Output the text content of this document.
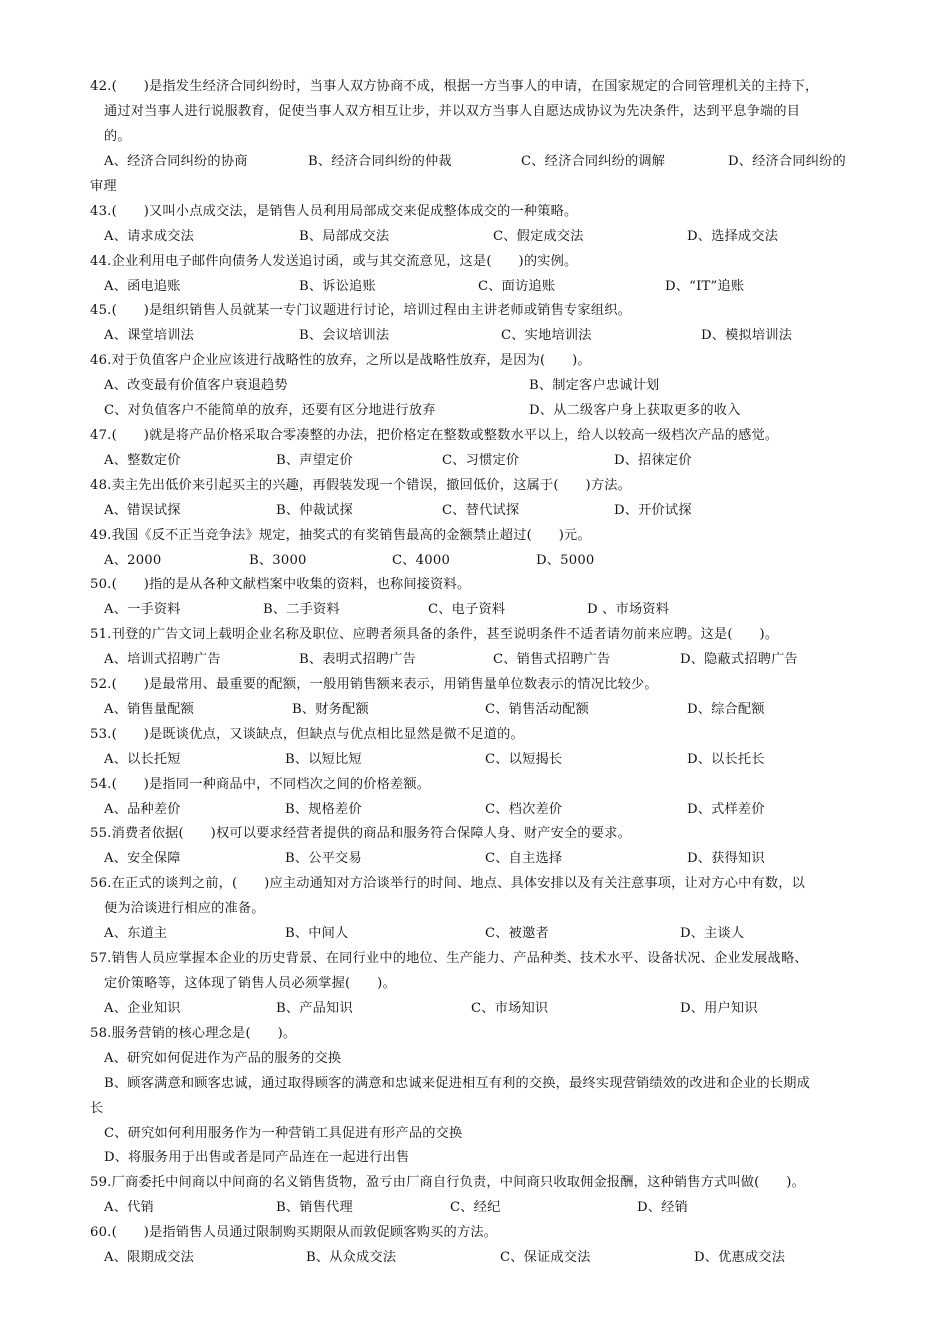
42.(　　)是指发生经济合同纠纷时，当事人双方协商不成，根据一方当事人的申请，在国家规定的合同管理机关的主持下，
通过对当事人进行说服教育，促使当事人双方相互让步，并以双方当事人自愿达成协议为先决条件，达到平息争端的目
的。
A、经济合同纠纷的协商	B、经济合同纠纷的仲裁	C、经济合同纠纷的调解	D、经济合同纠纷的
审理
43.(　　)又叫小点成交法，是销售人员利用局部成交来促成整体成交的一种策略。
A、请求成交法	B、局部成交法	C、假定成交法	D、选择成交法
44.企业利用电子邮件向债务人发送追讨函，或与其交流意见，这是(　　)的实例。
A、函电追账	B、诉讼追账	C、面访追账	D、“IT”追账
45.(　　)是组织销售人员就某一专门议题进行讨论，培训过程由主讲老师或销售专家组织。
A、课堂培训法	B、会议培训法	C、实地培训法	D、模拟培训法
46.对于负值客户企业应该进行战略性的放弃，之所以是战略性放弃，是因为(　　)。
A、改变最有价值客户衰退趋势	B、制定客户忠诚计划
C、对负值客户不能简单的放弃，还要有区分地进行放弃	D、从二级客户身上获取更多的收入
47.(　　)就是将产品价格采取合零凑整的办法，把价格定在整数或整数水平以上，给人以较高一级档次产品的感觉。
A、整数定价	B、声望定价	C、习惯定价	D、招徕定价
48.卖主先出低价来引起买主的兴趣，再假装发现一个错误，撤回低价，这属于(　　)方法。
A、错误试探	B、仲裁试探	C、替代试探	D、开价试探
49.我国《反不正当竞争法》规定，抽奖式的有奖销售最高的金额禁止超过(　　)元。
A、2000	B、3000	C、4000	D、5000
50.(　　)指的是从各种文献档案中收集的资料，也称间接资料。
A、一手资料	B、二手资料	C、电子资料	D 、市场资料
51.刊登的广告文词上载明企业名称及职位、应聘者须具备的条件，甚至说明条件不适者请勿前来应聘。这是(　　)。
A、培训式招聘广告	B、表明式招聘广告	C、销售式招聘广告	D、隐蔽式招聘广告
52.(　　)是最常用、最重要的配额，一般用销售额来表示，用销售量单位数表示的情况比较少。
A、销售量配额	B、财务配额	C、销售活动配额	D、综合配额
53.(　　)是既谈优点，又谈缺点，但缺点与优点相比显然是微不足道的。
A、以长托短	B、以短比短	C、以短揭长	D、以长托长
54.(　　)是指同一种商品中，不同档次之间的价格差额。
A、品种差价	B、规格差价	C、档次差价	D、式样差价
55.消费者依据(　　)权可以要求经营者提供的商品和服务符合保障人身、财产安全的要求。
A、安全保障	B、公平交易	C、自主选择	D、获得知识
56.在正式的谈判之前，(　　)应主动通知对方洽谈举行的时间、地点、具体安排以及有关注意事项，让对方心中有数，以
便为洽谈进行相应的准备。
A、东道主	B、中间人	C、被邀者	D、主谈人
57.销售人员应掌握本企业的历史背景、在同行业中的地位、生产能力、产品种类、技术水平、设备状况、企业发展战略、
定价策略等，这体现了销售人员必须掌握(　　)。
A、企业知识	B、产品知识	C、市场知识	D、用户知识
58.服务营销的核心理念是(　　)。
A、研究如何促进作为产品的服务的交换
B、顾客满意和顾客忠诚，通过取得顾客的满意和忠诚来促进相互有利的交换，最终实现营销绩效的改进和企业的长期成
C、研究如何利用服务作为一种营销工具促进有形产品的交换
D、将服务用于出售或者是同产品连在一起进行出售
长
59.厂商委托中间商以中间商的名义销售货物，盈亏由厂商自行负责，中间商只收取佣金报酬，这种销售方式叫做(　　)。
A、代销	B、销售代理	C、经纪	D、经销
60.(　　)是指销售人员通过限制购买期限从而敦促顾客购买的方法。
A、限期成交法	B、从众成交法	C、保证成交法	D、优惠成交法
